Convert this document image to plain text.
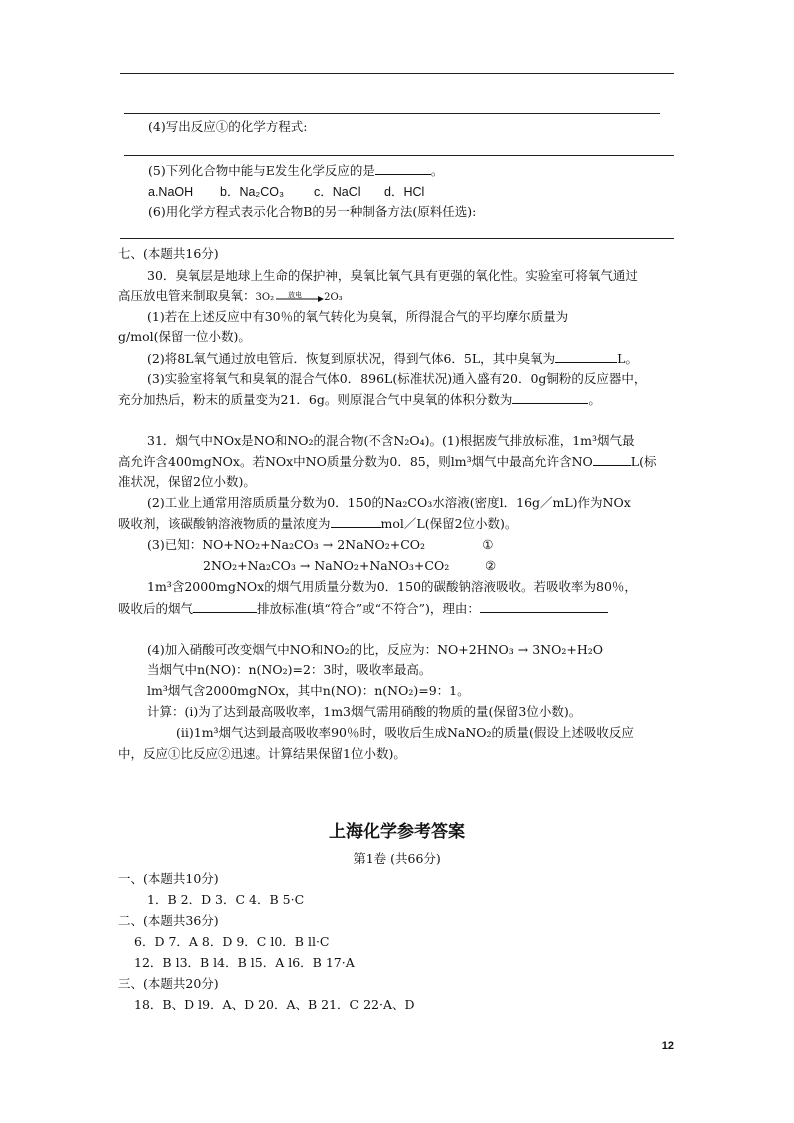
(4)写出反应①的化学方程式:
(5)下列化合物中能与E发生化学反应的是	。
a.NaOH b．Na₂CO₃ c．NaCl d．HCl
(6)用化学方程式表示化合物B的另一种制备方法(原料任选):
七、(本题共16分)
30．臭氧层是地球上生命的保护神，臭氧比氧气具有更强的氧化性。实验室可将氧气通过
高压放电管来制取臭氧：3O₂ 放电 2O₃
(1)若在上述反应中有30％的氧气转化为臭氧，所得混合气的平均摩尔质量为
g/mol(保留一位小数)。
(2)将8L氧气通过放电管后．恢复到原状况，得到气体6．5L，其中臭氧为	L。
(3)实验室将氧气和臭氧的混合气体0．896L(标准状况)通入盛有20．0g铜粉的反应器中，
充分加热后，粉末的质量变为21．6g。则原混合气中臭氧的体积分数为	。
31．烟气中NOx是NO和NO₂的混合物(不含N₂O₄)。(1)根据废气排放标准，1m³烟气最
高允许含400mgNOx。若NOx中NO质量分数为0．85，则lm³烟气中最高允许含NO	L(标
准状况，保留2位小数)。
(2)工业上通常用溶质质量分数为0．150的Na₂CO₃水溶液(密度l．16g／mL)作为NOx
吸收剂，该碳酸钠溶液物质的量浓度为	mol／L(保留2位小数)。
(3)已知：NO+NO₂+Na₂CO₃ → 2NaNO₂+CO₂	①
2NO₂+Na₂CO₃ → NaNO₂+NaNO₃+CO₂	②
1m³含2000mgNOx的烟气用质量分数为0．150的碳酸钠溶液吸收。若吸收率为80％，
吸收后的烟气	排放标准(填“符合”或“不符合”)，理由：
(4)加入硝酸可改变烟气中NO和NO₂的比，反应为：NO+2HNO₃ → 3NO₂+H₂O
当烟气中n(NO)：n(NO₂)=2：3时，吸收率最高。
lm³烟气含2000mgNOx，其中n(NO)：n(NO₂)=9：1。
计算：(i)为了达到最高吸收率，1m3烟气需用硝酸的物质的量(保留3位小数)。
(ii)1m³烟气达到最高吸收率90％时，吸收后生成NaNO₂的质量(假设上述吸收反应
中，反应①比反应②迅速。计算结果保留1位小数)。
上海化学参考答案
第1卷 (共66分)
一、(本题共10分)
1．B 2．D 3．C 4．B 5·C
二、(本题共36分)
6．D 7．A 8．D 9．C l0．B ll·C
12．B l3．B l4．B l5．A l6．B 17·A
三、(本题共20分)
18．B、D l9．A、D 20．A、B 21．C 22·A、D
12
